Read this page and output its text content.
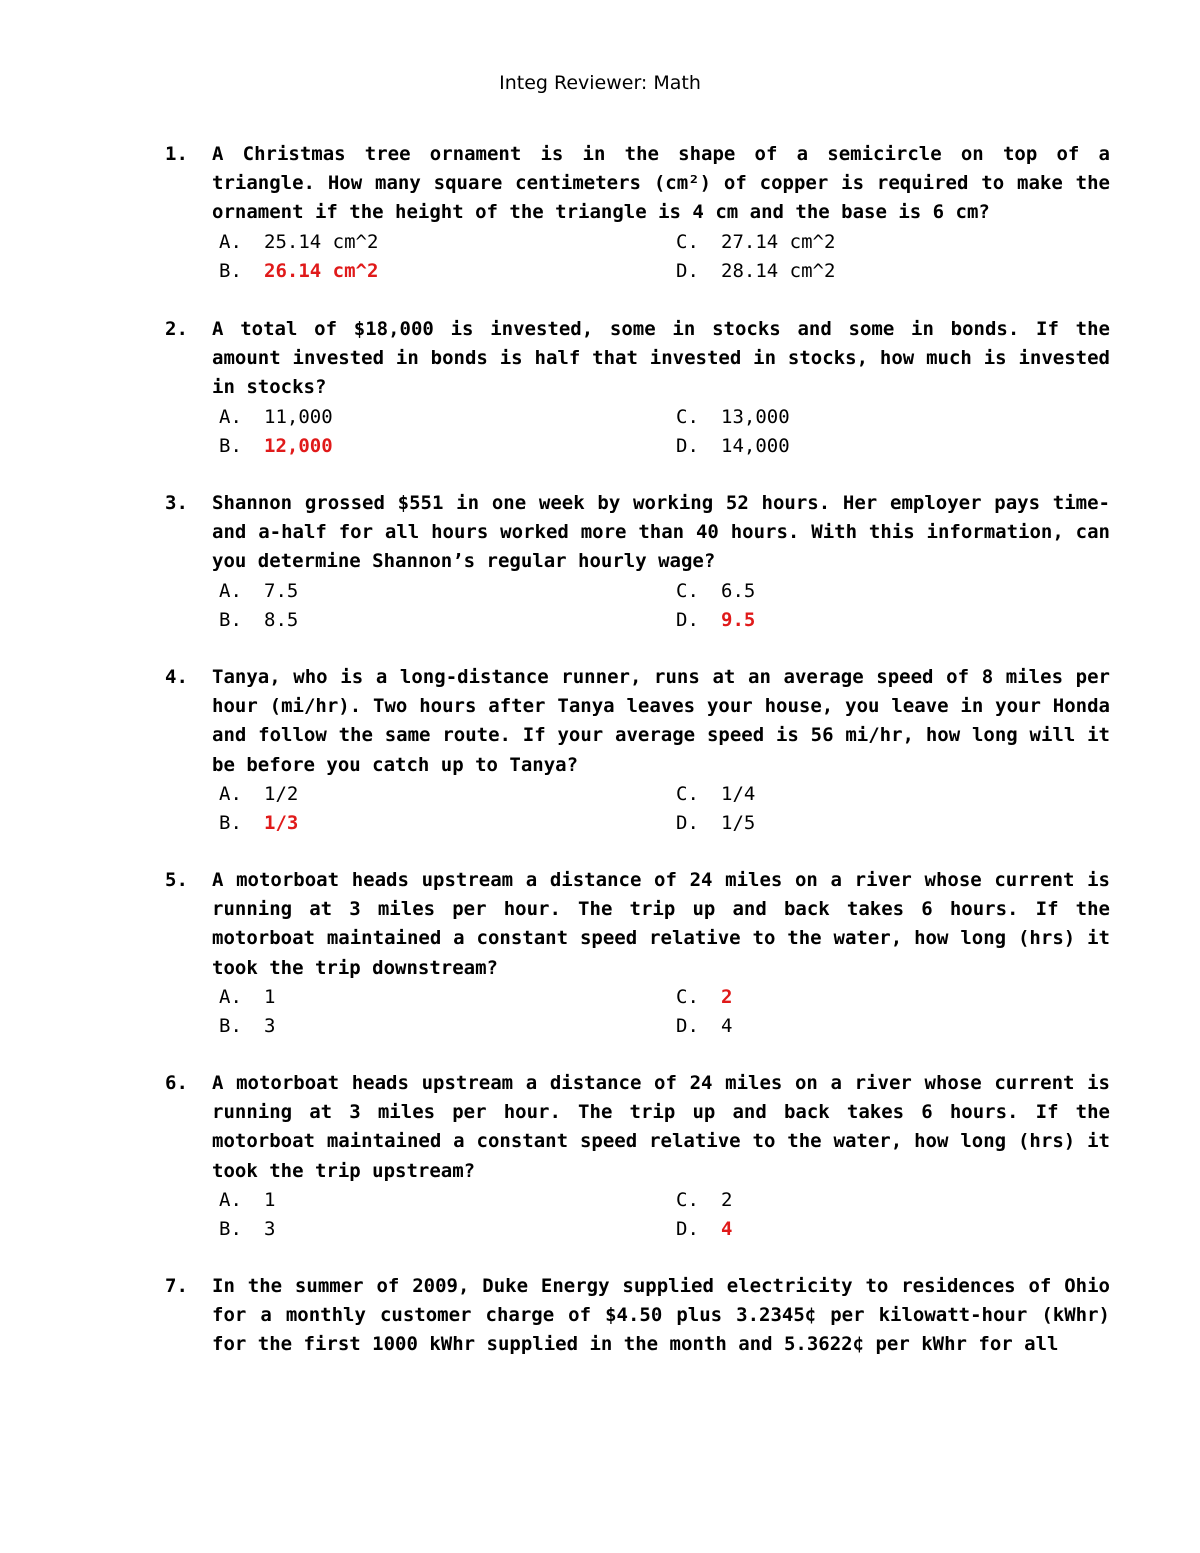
Integ Reviewer: Math
1. A Christmas tree ornament is in the shape of a semicircle on top of a triangle. How many square centimeters (cm²) of copper is required to make the ornament if the height of the triangle is 4 cm and the base is 6 cm?
A. 25.14 cm^2
B. 26.14 cm^2
C. 27.14 cm^2
D. 28.14 cm^2
2. A total of $18,000 is invested, some in stocks and some in bonds. If the amount invested in bonds is half that invested in stocks, how much is invested in stocks?
A. 11,000
B. 12,000
C. 13,000
D. 14,000
3. Shannon grossed $551 in one week by working 52 hours. Her employer pays time-and a-half for all hours worked more than 40 hours. With this information, can you determine Shannon’s regular hourly wage?
A. 7.5
B. 8.5
C. 6.5
D. 9.5
4. Tanya, who is a long-distance runner, runs at an average speed of 8 miles per hour (mi/hr). Two hours after Tanya leaves your house, you leave in your Honda and follow the same route. If your average speed is 56 mi/hr, how long will it be before you catch up to Tanya?
A. 1/2
B. 1/3
C. 1/4
D. 1/5
5. A motorboat heads upstream a distance of 24 miles on a river whose current is running at 3 miles per hour. The trip up and back takes 6 hours. If the motorboat maintained a constant speed relative to the water, how long (hrs) it took the trip downstream?
A. 1
B. 3
C. 2
D. 4
6. A motorboat heads upstream a distance of 24 miles on a river whose current is running at 3 miles per hour. The trip up and back takes 6 hours. If the motorboat maintained a constant speed relative to the water, how long (hrs) it took the trip upstream?
A. 1
B. 3
C. 2
D. 4
7. In the summer of 2009, Duke Energy supplied electricity to residences of Ohio for a monthly customer charge of $4.50 plus 3.2345¢ per kilowatt-hour (kWhr) for the first 1000 kWhr supplied in the month and 5.3622¢ per kWhr for all
